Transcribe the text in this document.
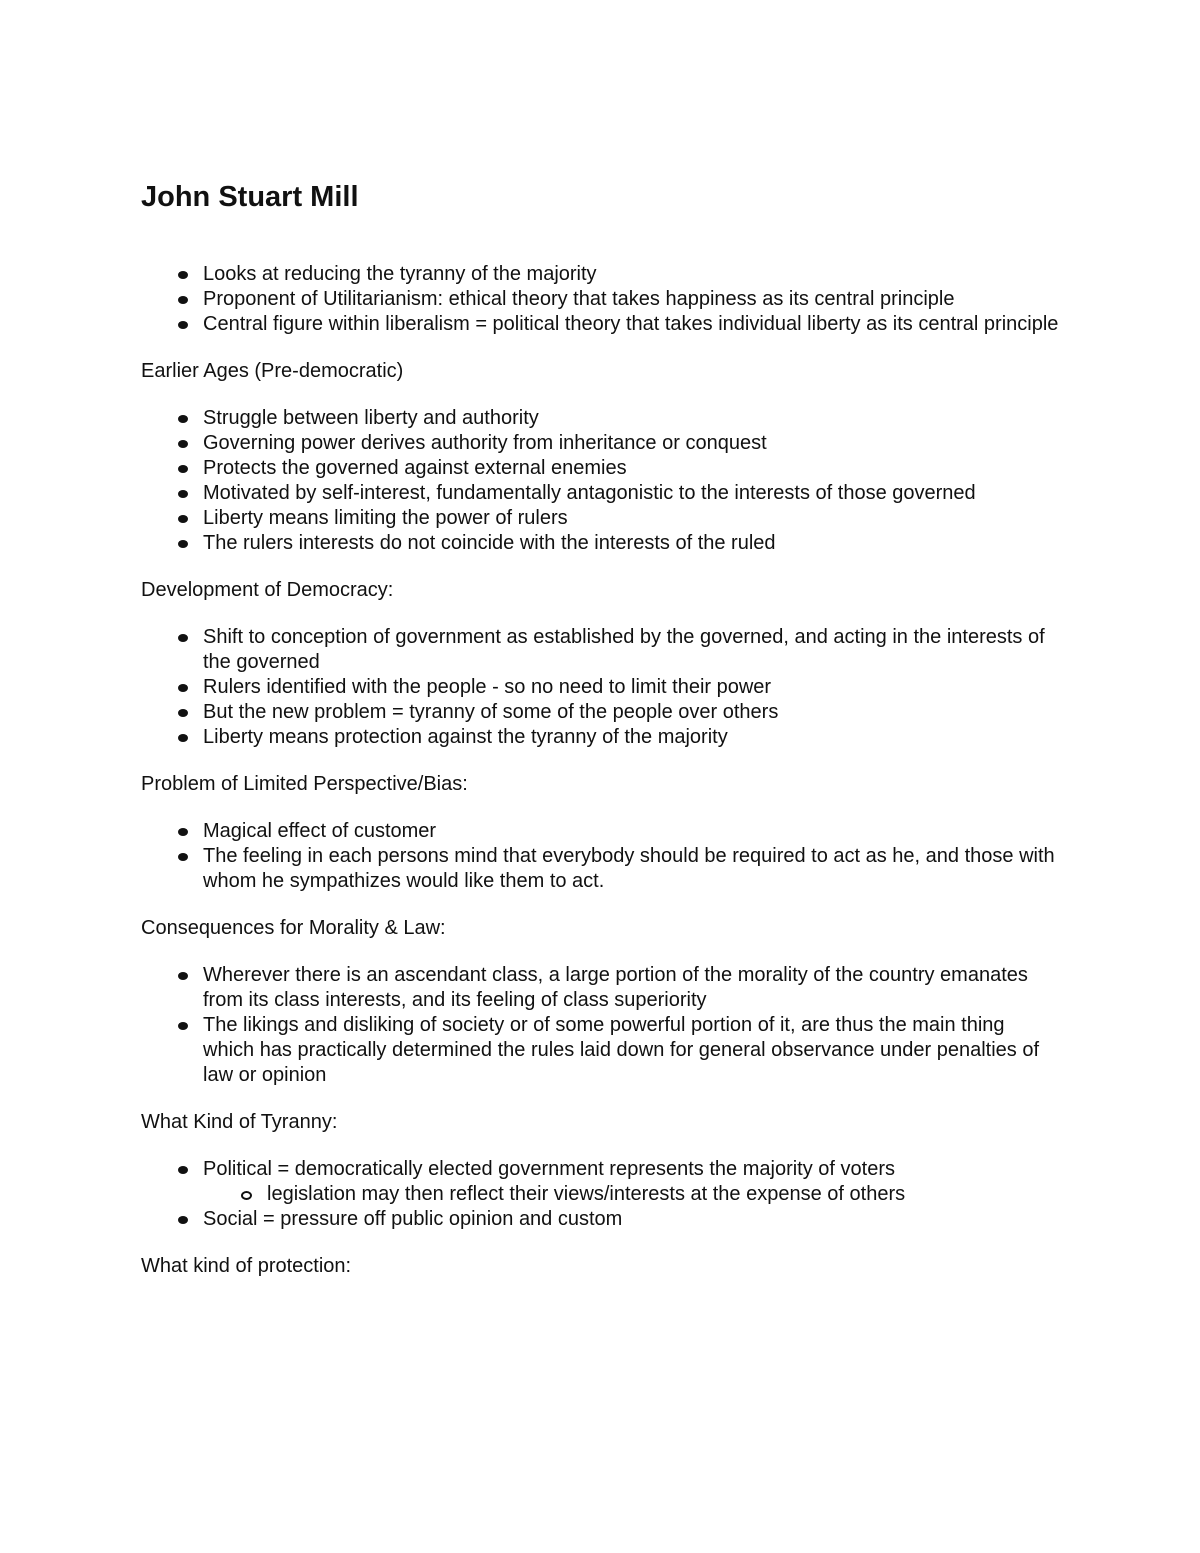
John Stuart Mill
Looks at reducing the tyranny of the majority
Proponent of Utilitarianism: ethical theory that takes happiness as its central principle
Central figure within liberalism = political theory that takes individual liberty as its central principle

Earlier Ages (Pre-democratic)

Struggle between liberty and authority
Governing power derives authority from inheritance or conquest
Protects the governed against external enemies
Motivated by self-interest, fundamentally antagonistic to the interests of those governed
Liberty means limiting the power of rulers
The rulers interests do not coincide with the interests of the ruled

Development of Democracy:

Shift to conception of government as established by the governed, and acting in the interests of the governed
Rulers identified with the people - so no need to limit their power
But the new problem = tyranny of some of the people over others
Liberty means protection against the tyranny of the majority

Problem of Limited Perspective/Bias:

Magical effect of customer
The feeling in each persons mind that everybody should be required to act as he, and those with whom he sympathizes would like them to act.

Consequences for Morality & Law:

Wherever there is an ascendant class, a large portion of the morality of the country emanates from its class interests, and its feeling of class superiority
The likings and disliking of society or of some powerful portion of it, are thus the main thing which has practically determined the rules laid down for general observance under penalties of law or opinion

What Kind of Tyranny:

Political = democratically elected government represents the majority of voters
legislation may then reflect their views/interests at the expense of others
Social = pressure off public opinion and custom

What kind of protection:
